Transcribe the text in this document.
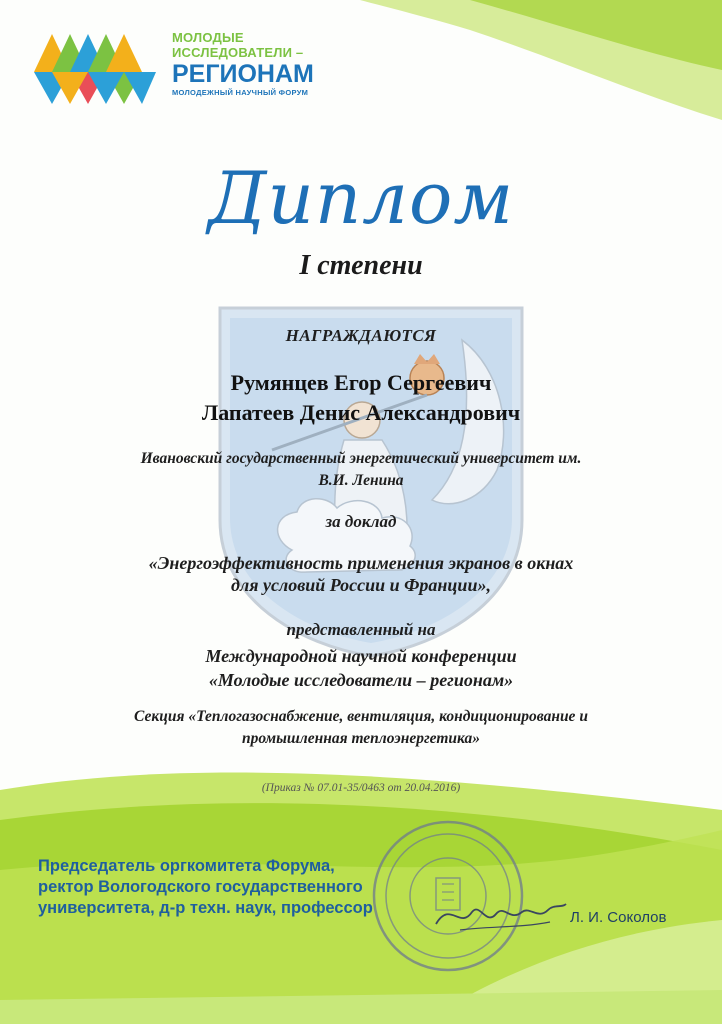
МОЛОДЫЕ
ИССЛЕДОВАТЕЛИ –
РЕГИОНАМ
МОЛОДЕЖНЫЙ НАУЧНЫЙ ФОРУМ
Диплом
I степени
НАГРАЖДАЮТСЯ
Румянцев Егор Сергеевич
Лапатеев Денис Александрович
Ивановский государственный энергетический университет им.
В.И. Ленина
за доклад
«Энергоэффективность применения экранов в окнах
для условий России и Франции»,
представленный на
Международной научной конференции
«Молодые исследователи – регионам»
Секция «Теплогазоснабжение, вентиляция, кондиционирование и
промышленная теплоэнергетика»
(Приказ № 07.01-35/0463 от 20.04.2016)
Председатель оргкомитета Форума,
ректор Вологодского государственного
университета, д-р техн. наук, профессор
Л. И. Соколов
